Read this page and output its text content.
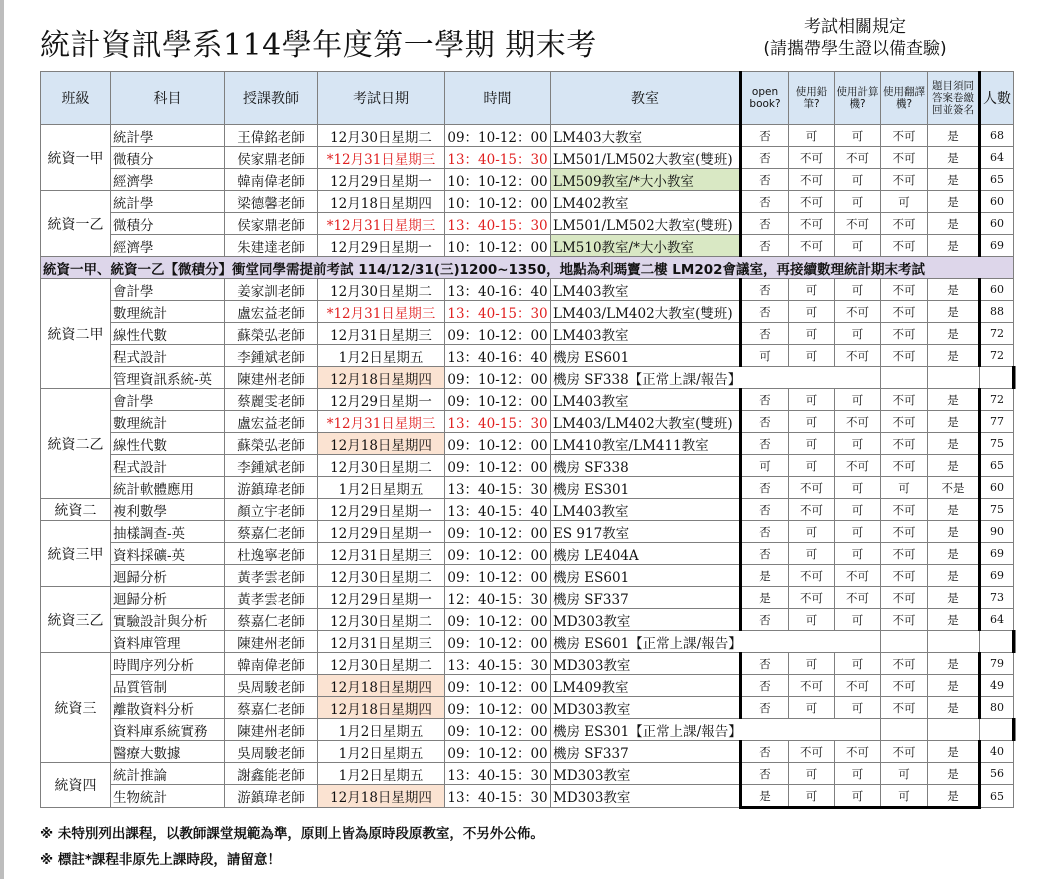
統計資訊學系114學年度第一學期 期末考
考試相關規定
(請攜帶學生證以備查驗)
班級	科目	授課教師	考試日期	時間	教室	open book?	使用鉛筆?	使用計算機?	使用翻譯機?	題目須同答案卷繳回並簽名	人數	
統資一甲	統計學	王偉銘老師	12月30日星期二	09：10-12：00	LM403大教室	否	可	可	不可	是	68	
	微積分	侯家鼎老師	*12月31日星期三	13：40-15：30	LM501/LM502大教室(雙班)	否	不可	不可	不可	是	64	
	經濟學	韓南偉老師	12月29日星期一	10：10-12：00	LM509教室/*大小教室	否	不可	可	不可	是	65	
統資一乙	統計學	梁德馨老師	12月18日星期四	10：10-12：00	LM402教室	否	不可	可	可	是	60	
	微積分	侯家鼎老師	*12月31日星期三	13：40-15：30	LM501/LM502大教室(雙班)	否	不可	不可	不可	是	60	
	經濟學	朱建達老師	12月29日星期一	10：10-12：00	LM510教室/*大小教室	否	不可	可	不可	是	69	
統資一甲、統資一乙【微積分】衝堂同學需提前考試 114/12/31(三)1200~1350，地點為利瑪竇二樓 LM202會議室，再接續數理統計期末考試												
統資二甲	會計學	姜家訓老師	12月30日星期二	13：40-16：40	LM403教室	否	可	可	不可	是	60	
	數理統計	盧宏益老師	*12月31日星期三	13：40-15：30	LM403/LM402大教室(雙班)	否	可	不可	不可	是	88	
	線性代數	蘇榮弘老師	12月31日星期三	09：10-12：00	LM403教室	否	可	可	不可	是	72	
	程式設計	李鍾斌老師	1月2日星期五	13：40-16：40	機房 ES601	可	可	不可	不可	是	72	
	管理資訊系統-英	陳建州老師	12月18日星期四	09：10-12：00	機房 SF338【正常上課/報告】							
統資二乙	會計學	蔡麗雯老師	12月29日星期一	09：10-12：00	LM403教室	否	可	可	不可	是	72	
	數理統計	盧宏益老師	*12月31日星期三	13：40-15：30	LM403/LM402大教室(雙班)	否	可	不可	不可	是	77	
	線性代數	蘇榮弘老師	12月18日星期四	09：10-12：00	LM410教室/LM411教室	否	可	可	不可	是	75	
	程式設計	李鍾斌老師	12月30日星期二	09：10-12：00	機房 SF338	可	可	不可	不可	是	65	
	統計軟體應用	游鎮瑋老師	1月2日星期五	13：40-15：30	機房 ES301	否	不可	可	可	不是	60	
統資二	複利數學	顏立宇老師	12月29日星期一	13：40-15：40	LM403教室	否	不可	可	不可	是	75	
統資三甲	抽樣調查-英	蔡嘉仁老師	12月29日星期一	09：10-12：00	ES 917教室	否	可	可	不可	是	90	
	資料採礦-英	杜逸寧老師	12月31日星期三	09：10-12：00	機房 LE404A	否	可	可	不可	是	69	
	迴歸分析	黃孝雲老師	12月30日星期二	09：10-12：00	機房 ES601	是	不可	不可	不可	是	69	
統資三乙	迴歸分析	黃孝雲老師	12月29日星期一	12：40-15：30	機房 SF337	是	不可	不可	不可	是	73	
	實驗設計與分析	蔡嘉仁老師	12月30日星期二	09：10-12：00	MD303教室	否	可	可	不可	是	64	
	資料庫管理	陳建州老師	12月31日星期三	09：10-12：00	機房 ES601【正常上課/報告】							
統資三	時間序列分析	韓南偉老師	12月30日星期二	13：40-15：30	MD303教室	否	可	可	不可	是	79	
	品質管制	吳周駿老師	12月18日星期四	09：10-12：00	LM409教室	否	不可	不可	不可	是	49	
	離散資料分析	蔡嘉仁老師	12月18日星期四	09：10-12：00	MD303教室	否	可	可	不可	是	80	
	資料庫系統實務	陳建州老師	1月2日星期五	09：10-12：00	機房 ES301【正常上課/報告】							
	醫療大數據	吳周駿老師	1月2日星期五	09：10-12：00	機房 SF337	否	不可	不可	不可	是	40	
統資四	統計推論	謝鑫能老師	1月2日星期五	13：40-15：30	MD303教室	否	可	可	可	是	56	
	生物統計	游鎮瑋老師	12月18日星期四	13：40-15：30	MD303教室	是	可	可	可	是	65	
※ 未特別列出課程，以教師課堂規範為準，原則上皆為原時段原教室，不另外公佈。
※ 標註*課程非原先上課時段，請留意！
